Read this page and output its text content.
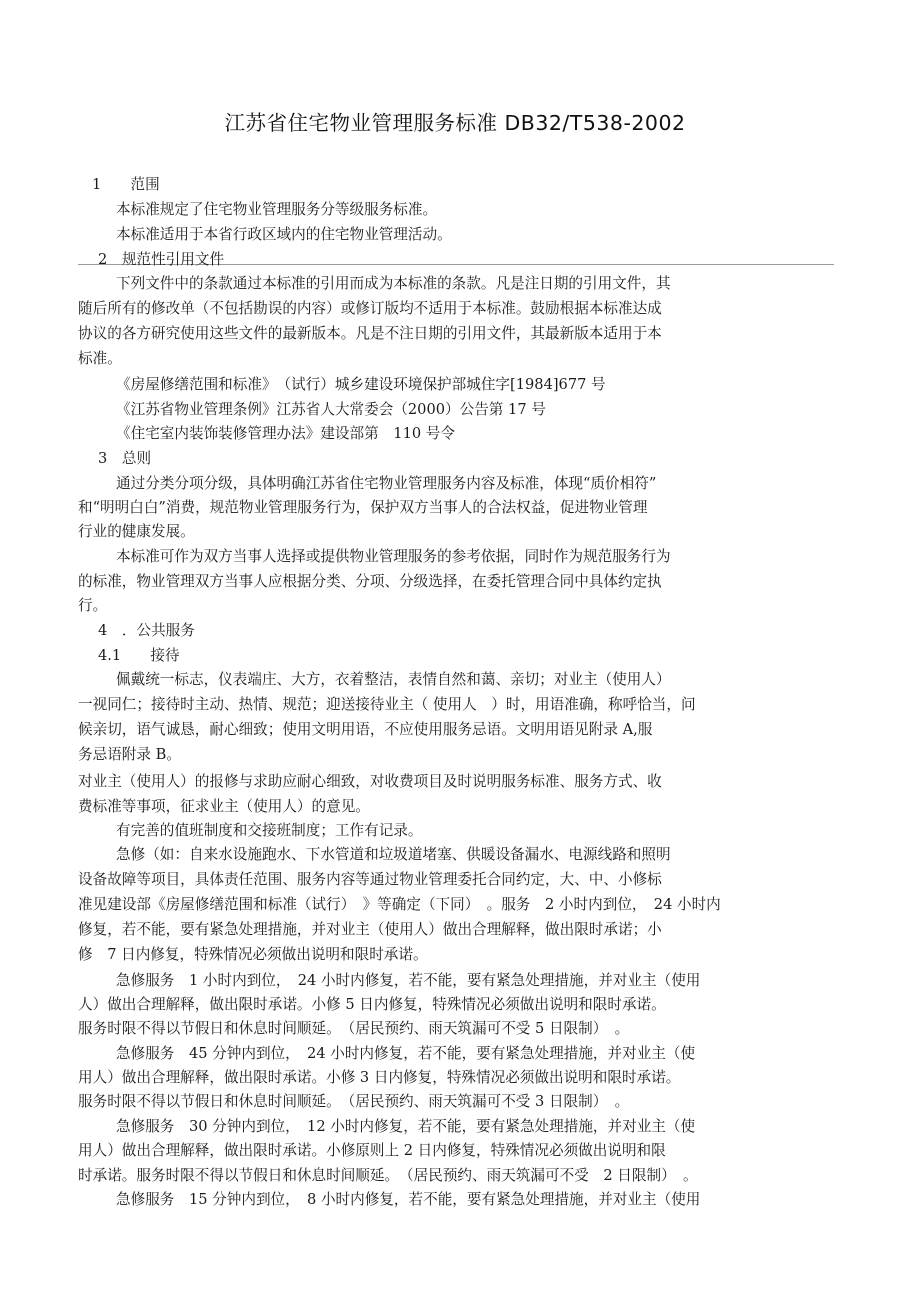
江苏省住宅物业管理服务标准 DB32/T538-2002
1　　范围
本标准规定了住宅物业管理服务分等级服务标准。
本标准适用于本省行政区域内的住宅物业管理活动。
2　规范性引用文件
下列文件中的条款通过本标准的引用而成为本标准的条款。凡是注日期的引用文件，其
随后所有的修改单（不包括勘误的内容）或修订版均不适用于本标准。鼓励根据本标准达成
协议的各方研究使用这些文件的最新版本。凡是不注日期的引用文件，其最新版本适用于本
标准。
《房屋修缮范围和标准》　（试行）城乡建设环境保护部城住字[1984]677 号
《江苏省物业管理条例》江苏省人大常委会（2000）公告第 17 号
《住宅室内装饰装修管理办法》建设部第　110 号令
3　总则
通过分类分项分级，具体明确江苏省住宅物业管理服务内容及标准，体现“质价相符”
和“明明白白”消费，规范物业管理服务行为，保护双方当事人的合法权益，促进物业管理
行业的健康发展。
本标准可作为双方当事人选择或提供物业管理服务的参考依据，同时作为规范服务行为
的标准，物业管理双方当事人应根据分类、分项、分级选择，在委托管理合同中具体约定执
行。
4　．公共服务
4.1　　接待
佩戴统一标志，仪表端庄、大方，衣着整洁，表情自然和蔼、亲切；对业主（使用人）
一视同仁；接待时主动、热情、规范；迎送接待业主（ 使用人　）时，用语准确，称呼恰当，问
候亲切，语气诚恳，耐心细致；使用文明用语，不应使用服务忌语。文明用语见附录 A,服
务忌语附录 B。
对业主（使用人）的报修与求助应耐心细致，对收费项目及时说明服务标准、服务方式、收
费标准等事项，征求业主（使用人）的意见。
有完善的值班制度和交接班制度；工作有记录。
急修（如：自来水设施跑水、下水管道和垃圾道堵塞、供暖设备漏水、电源线路和照明
设备故障等项目，具体责任范围、服务内容等通过物业管理委托合同约定，大、中、小修标
准见建设部《房屋修缮范围和标准（试行）　》等确定（下同）　。服务　2 小时内到位，　24 小时内
修复，若不能，要有紧急处理措施，并对业主（使用人）做出合理解释，做出限时承诺；小
修　7 日内修复，特殊情况必须做出说明和限时承诺。
急修服务　1 小时内到位，　24 小时内修复，若不能，要有紧急处理措施，并对业主（使用
人）做出合理解释，做出限时承诺。小修 5 日内修复，特殊情况必须做出说明和限时承诺。
服务时限不得以节假日和休息时间顺延。　（居民预约、雨天筑漏可不受 5 日限制）　。
急修服务　45 分钟内到位，　24 小时内修复，若不能，要有紧急处理措施，并对业主（使
用人）做出合理解释，做出限时承诺。小修 3 日内修复，特殊情况必须做出说明和限时承诺。
服务时限不得以节假日和休息时间顺延。　（居民预约、雨天筑漏可不受 3 日限制）　。
急修服务　30 分钟内到位，　12 小时内修复，若不能，要有紧急处理措施，并对业主（使
用人）做出合理解释，做出限时承诺。小修原则上 2 日内修复，特殊情况必须做出说明和限
时承诺。服务时限不得以节假日和休息时间顺延。　（居民预约、雨天筑漏可不受　2 日限制）　。
急修服务　15 分钟内到位，　8 小时内修复，若不能，要有紧急处理措施，并对业主（使用
